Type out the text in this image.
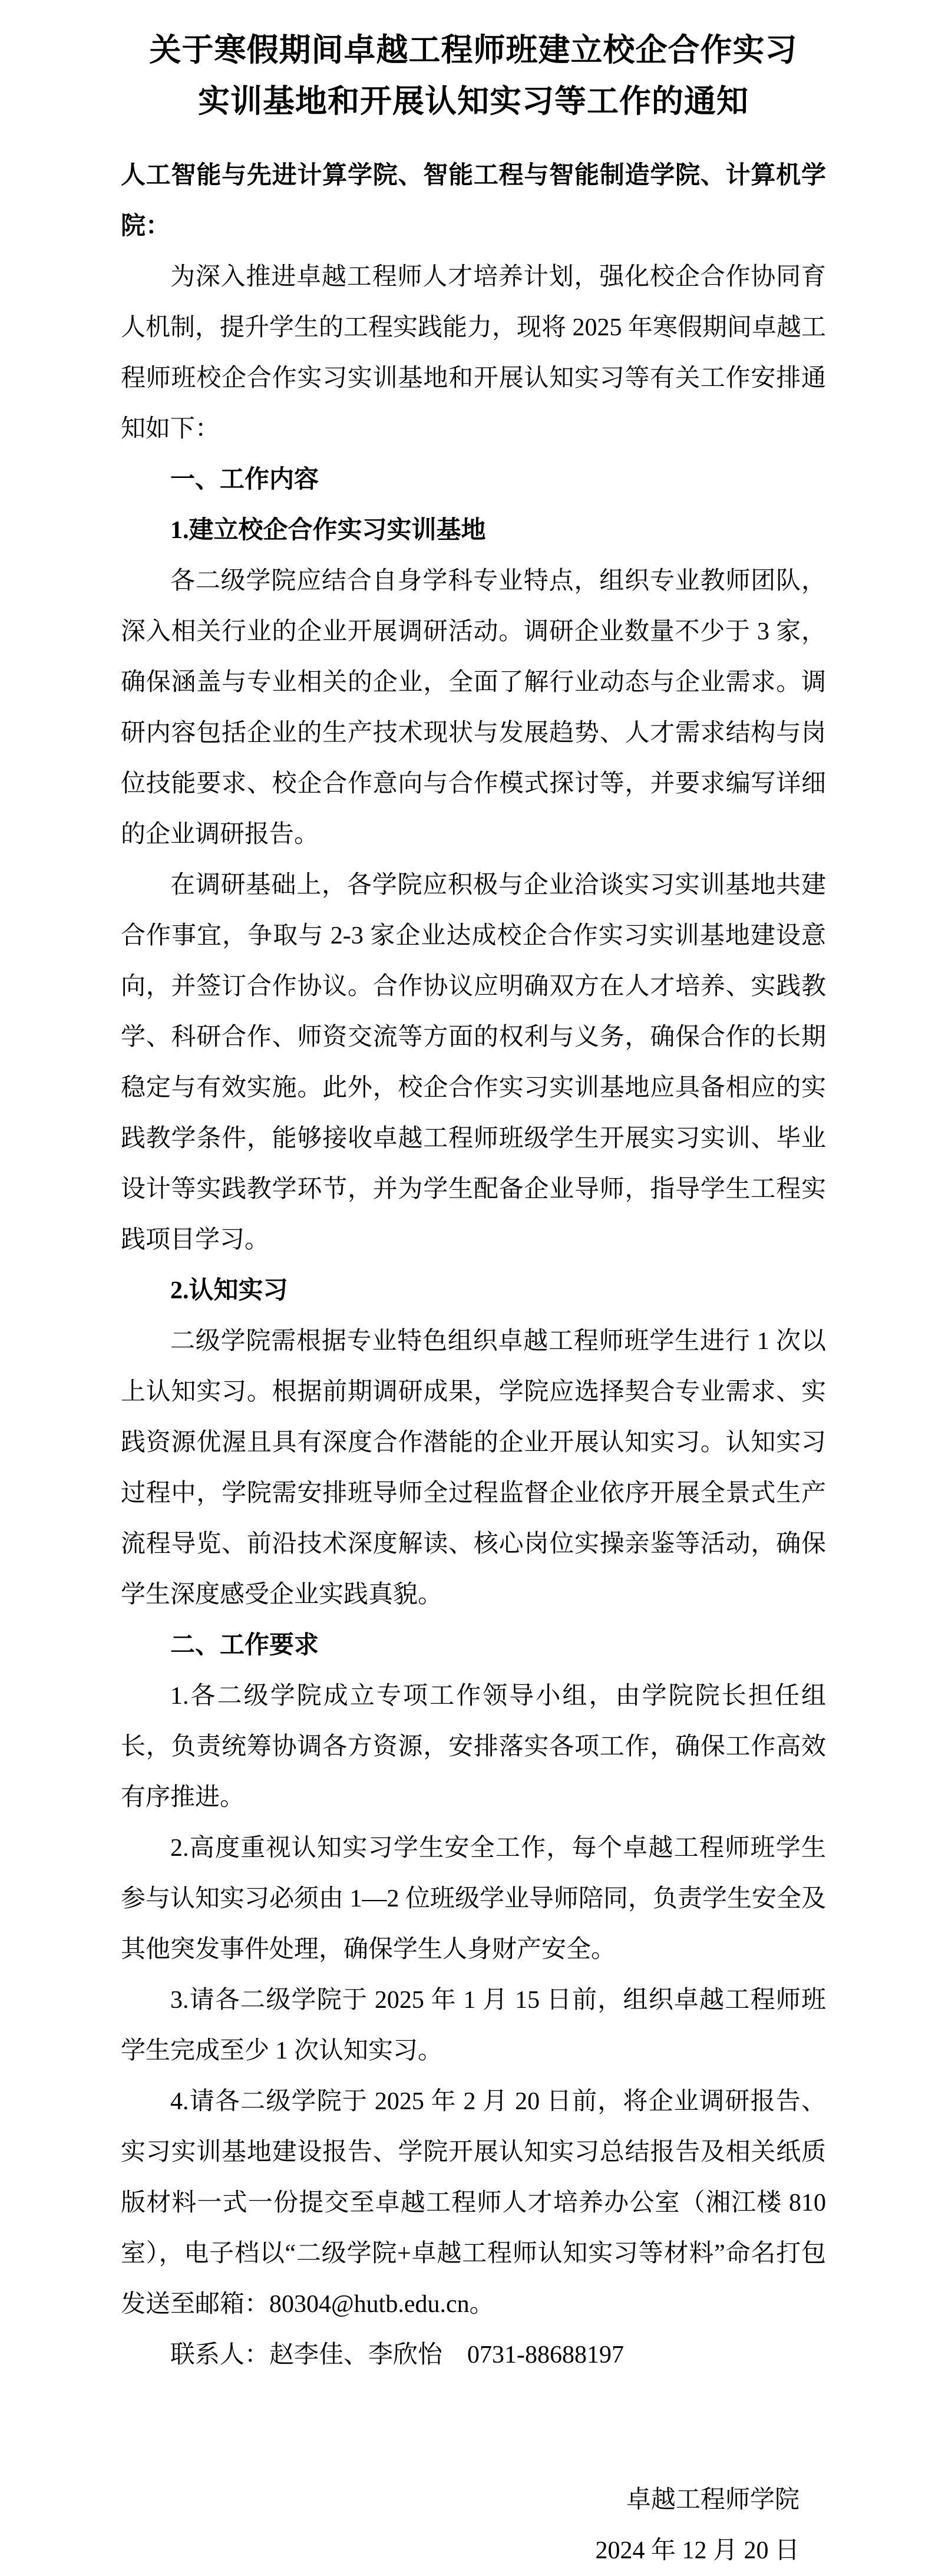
关于寒假期间卓越工程师班建立校企合作实习
实训基地和开展认知实习等工作的通知

人工智能与先进计算学院、智能工程与智能制造学院、计算机学院：

为深入推进卓越工程师人才培养计划，强化校企合作协同育人机制，提升学生的工程实践能力，现将 2025 年寒假期间卓越工程师班校企合作实习实训基地和开展认知实习等有关工作安排通知如下：

一、工作内容

1.建立校企合作实习实训基地

各二级学院应结合自身学科专业特点，组织专业教师团队，深入相关行业的企业开展调研活动。调研企业数量不少于 3 家，确保涵盖与专业相关的企业，全面了解行业动态与企业需求。调研内容包括企业的生产技术现状与发展趋势、人才需求结构与岗位技能要求、校企合作意向与合作模式探讨等，并要求编写详细的企业调研报告。

在调研基础上，各学院应积极与企业洽谈实习实训基地共建合作事宜，争取与 2-3 家企业达成校企合作实习实训基地建设意向，并签订合作协议。合作协议应明确双方在人才培养、实践教学、科研合作、师资交流等方面的权利与义务，确保合作的长期稳定与有效实施。此外，校企合作实习实训基地应具备相应的实践教学条件，能够接收卓越工程师班级学生开展实习实训、毕业设计等实践教学环节，并为学生配备企业导师，指导学生工程实践项目学习。

2.认知实习

二级学院需根据专业特色组织卓越工程师班学生进行 1 次以上认知实习。根据前期调研成果，学院应选择契合专业需求、实践资源优渥且具有深度合作潜能的企业开展认知实习。认知实习过程中，学院需安排班导师全过程监督企业依序开展全景式生产流程导览、前沿技术深度解读、核心岗位实操亲鉴等活动，确保学生深度感受企业实践真貌。

二、工作要求

1.各二级学院成立专项工作领导小组，由学院院长担任组长，负责统筹协调各方资源，安排落实各项工作，确保工作高效有序推进。

2.高度重视认知实习学生安全工作，每个卓越工程师班学生参与认知实习必须由 1—2 位班级学业导师陪同，负责学生安全及其他突发事件处理，确保学生人身财产安全。

3.请各二级学院于 2025 年 1 月 15 日前，组织卓越工程师班学生完成至少 1 次认知实习。

4.请各二级学院于 2025 年 2 月 20 日前，将企业调研报告、实习实训基地建设报告、学院开展认知实习总结报告及相关纸质版材料一式一份提交至卓越工程师人才培养办公室（湘江楼 810 室），电子档以“二级学院+卓越工程师认知实习等材料”命名打包发送至邮箱：80304@hutb.edu.cn。

联系人：赵李佳、李欣怡　0731-88688197

卓越工程师学院

2024 年 12 月 20 日
